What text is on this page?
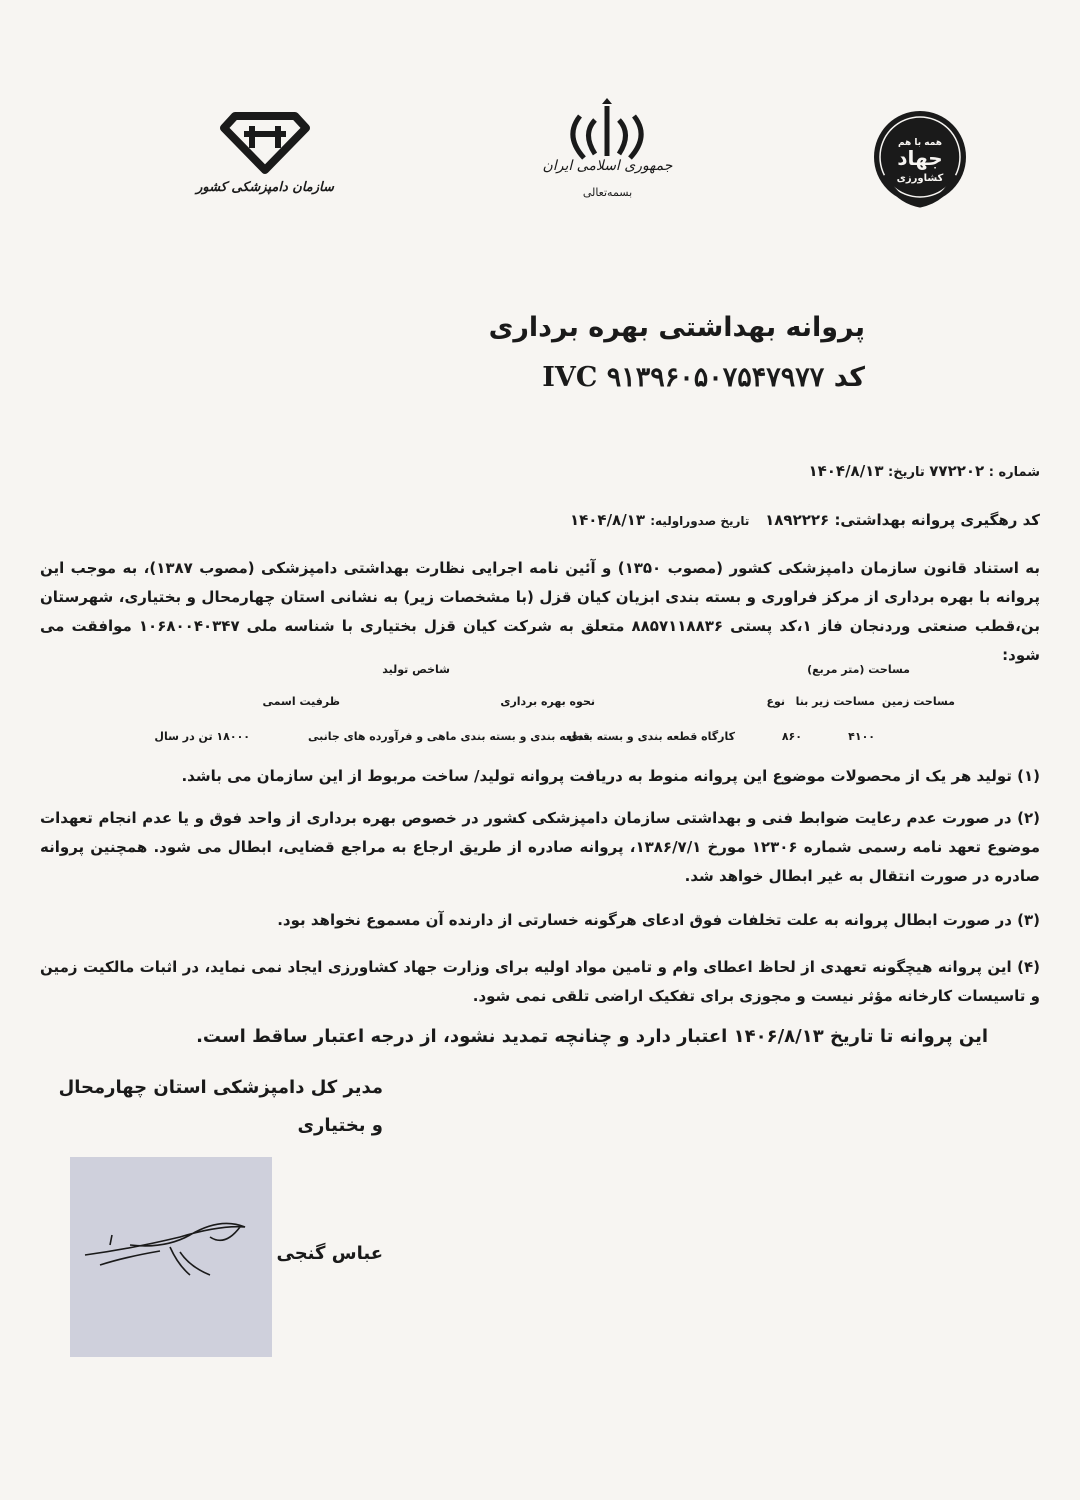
همه با هم
جهاد
کشاورزی
جمهوری اسلامی ایران
بسمه‌تعالی
سازمان دامپزشکی کشور
پروانه بهداشتی بهره برداری
کد IVC ۹۱۳۹۶۰۵۰۷۵۴۷۹۷۷
شماره : ۷۷۲۲۰۲ تاریخ: ۱۴۰۴/۸/۱۳
کد رهگیری پروانه بهداشتی: ۱۸۹۲۲۲۶   تاریخ صدوراولیه: ۱۴۰۴/۸/۱۳
به استناد قانون سازمان دامپزشکی کشور (مصوب ۱۳۵۰) و آئین نامه اجرایی نظارت بهداشتی دامپزشکی (مصوب ۱۳۸۷)، به موجب این پروانه با بهره برداری از مرکز فراوری و بسته بندی ابزیان کیان قزل (با مشخصات زیر) به نشانی استان چهارمحال و بختیاری، شهرستان بن،قطب صنعتی وردنجان فاز ۱،کد پستی ۸۸۵۷۱۱۸۸۳۶ متعلق به شرکت کیان قزل بختیاری با شناسه ملی ۱۰۶۸۰۰۴۰۳۴۷ موافقت می شود:
مساحت (متر مربع)
شاخص تولید
مساحت زمین
مساحت زیر بنا
نوع
نحوه بهره برداری
ظرفیت اسمی
۴۱۰۰
۸۶۰
کارگاه قطعه بندی و بسته بندی
قطعه بندی و بسته بندی ماهی و فرآورده های جانبی
۱۸۰۰۰ تن در سال
(۱) تولید هر یک از محصولات موضوع این پروانه منوط به دریافت پروانه تولید/ ساخت مربوط از این سازمان می باشد.
(۲) در صورت عدم رعایت ضوابط فنی و بهداشتی سازمان دامپزشکی کشور در خصوص بهره برداری از واحد فوق و یا عدم انجام تعهدات موضوع تعهد نامه رسمی شماره ۱۲۳۰۶ مورخ ۱۳۸۶/۷/۱، پروانه صادره از طریق ارجاع به مراجع قضایی، ابطال می شود. همچنین پروانه صادره در صورت انتقال به غیر ابطال خواهد شد.
(۳) در صورت ابطال پروانه به علت تخلفات فوق ادعای هرگونه خسارتی از دارنده آن مسموع نخواهد بود.
(۴) این پروانه هیچگونه تعهدی از لحاظ اعطای وام و تامین مواد اولیه برای وزارت جهاد کشاورزی ایجاد نمی نماید، در اثبات مالکیت زمین و تاسیسات کارخانه مؤثر نیست و مجوزی برای تفکیک اراضی تلقی نمی شود.
این پروانه تا تاریخ ۱۴۰۶/۸/۱۳ اعتبار دارد و چنانچه تمدید نشود، از درجه اعتبار ساقط است.
مدیر کل دامپزشکی استان چهارمحال
و بختیاری
عباس گنجی
